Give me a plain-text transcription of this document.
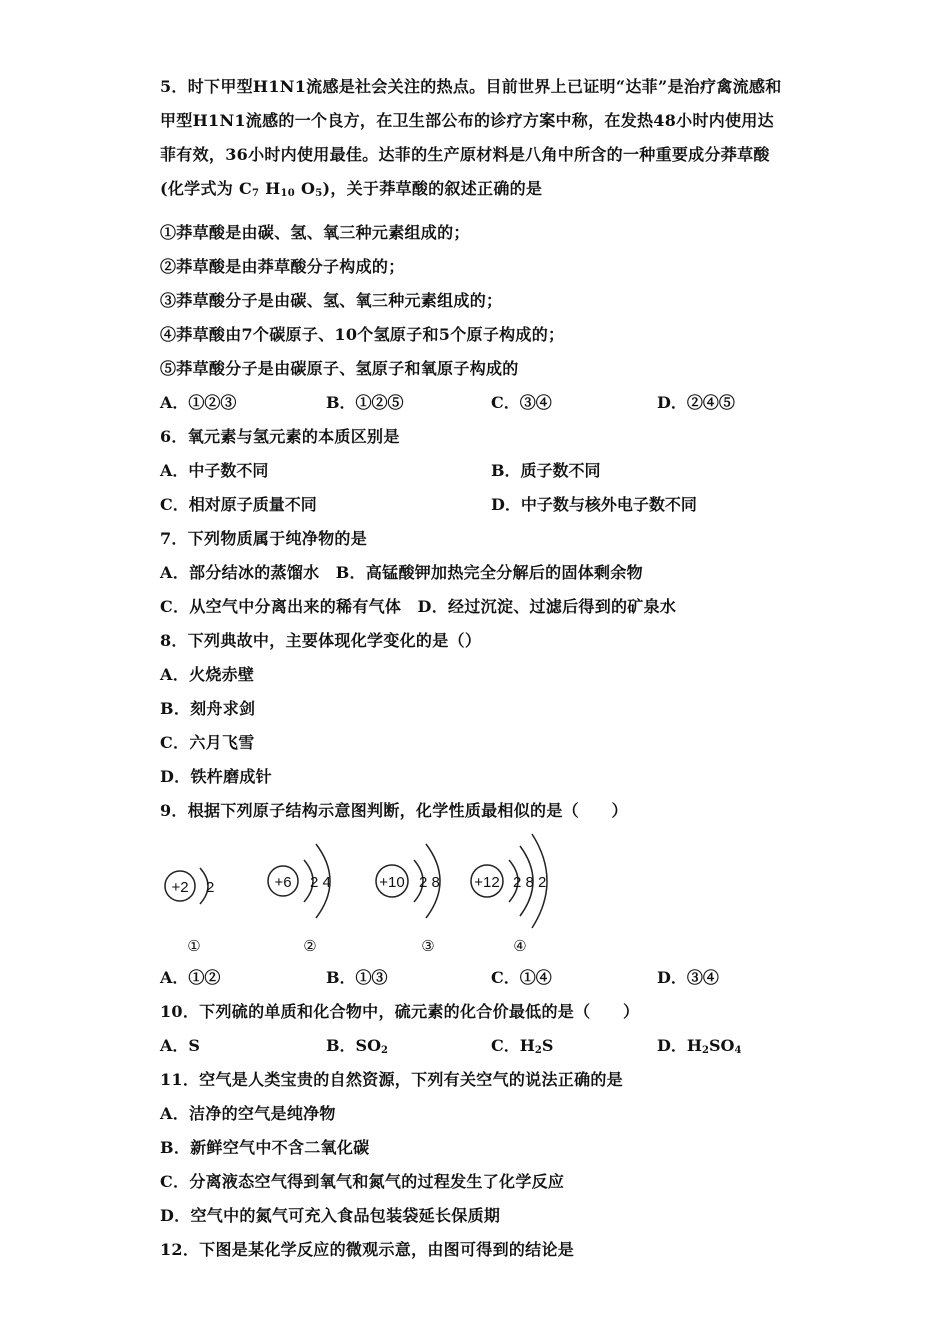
5．时下甲型H1N1流感是社会关注的热点。目前世界上已证明“达菲”是治疗禽流感和
甲型H1N1流感的一个良方，在卫生部公布的诊疗方案中称，在发热48小时内使用达
菲有效，36小时内使用最佳。达菲的生产原材料是八角中所含的一种重要成分莽草酸
(化学式为 $C_7$ $H_{10}$ $O_5$)，关于莽草酸的叙述正确的是
①莽草酸是由碳、氢、氧三种元素组成的；
②莽草酸是由莽草酸分子构成的；
③莽草酸分子是由碳、氢、氧三种元素组成的；
④莽草酸由7个碳原子、10个氢原子和5个原子构成的；
⑤莽草酸分子是由碳原子、氢原子和氧原子构成的
A．①②③	B．①②⑤	C．③④	D．②④⑤
6．氧元素与氢元素的本质区别是
A．中子数不同	B．质子数不同
C．相对原子质量不同	D．中子数与核外电子数不同
7．下列物质属于纯净物的是
A．部分结冰的蒸馏水　B．高锰酸钾加热完全分解后的固体剩余物
C．从空气中分离出来的稀有气体　D．经过沉淀、过滤后得到的矿泉水
8．下列典故中，主要体现化学变化的是（）
A．火烧赤壁
B．刻舟求剑
C．六月飞雪
D．铁杵磨成针
9．根据下列原子结构示意图判断，化学性质最相似的是（　　）
+2 2	+6 2 4	+10 2 8 +12 2 8 2
①	②	③	④
A．①②	B．①③	C．①④	D．③④
10．下列硫的单质和化合物中，硫元素的化合价最低的是（　　）
A．S	B．$SO_2$	C．$H_2S$	D．$H_2SO_4$
11．空气是人类宝贵的自然资源，下列有关空气的说法正确的是
A．洁净的空气是纯净物
B．新鲜空气中不含二氧化碳
C．分离液态空气得到氧气和氮气的过程发生了化学反应
D．空气中的氮气可充入食品包装袋延长保质期
12．下图是某化学反应的微观示意，由图可得到的结论是
